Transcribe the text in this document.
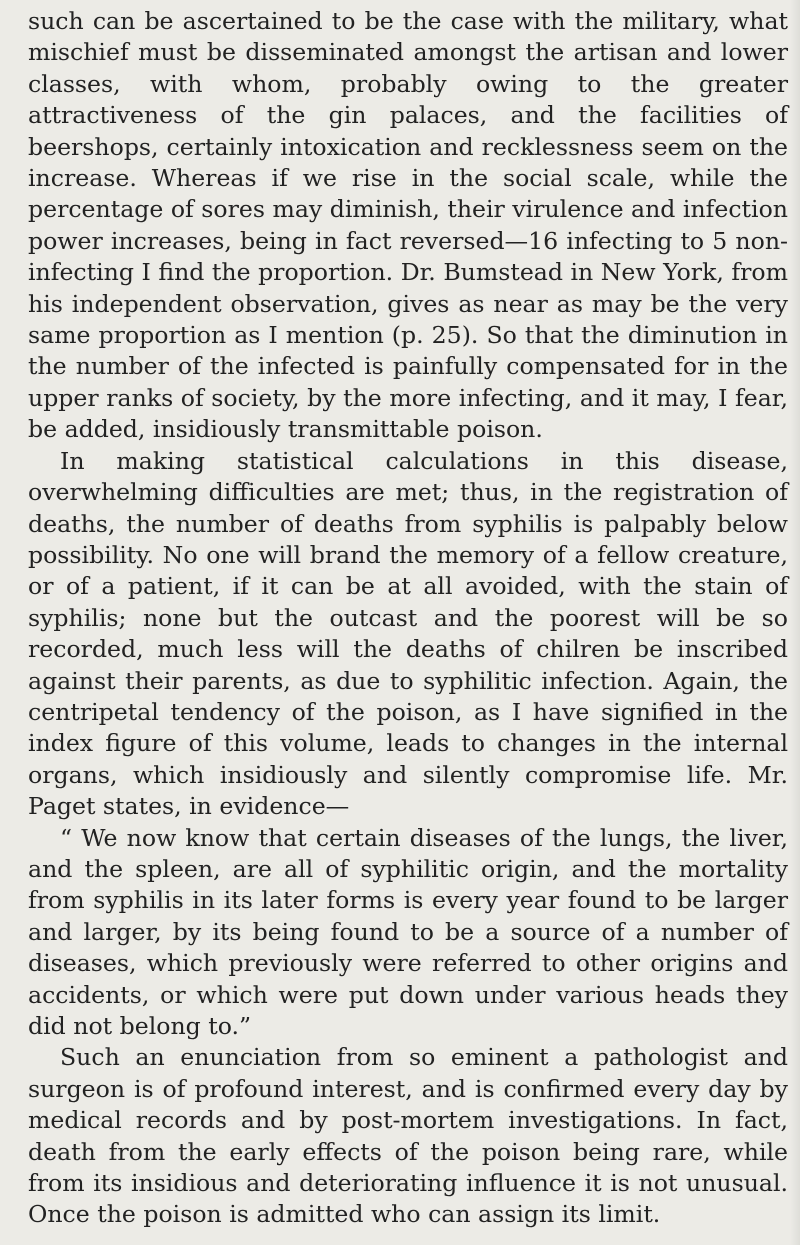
such can be ascertained to be the case with the military, what mischief must be disseminated amongst the artisan and lower classes, with whom, probably owing to the greater attractiveness of the gin palaces, and the facilities of beershops, certainly intoxication and recklessness seem on the increase. Whereas if we rise in the social scale, while the percentage of sores may diminish, their virulence and infection power increases, being in fact reversed—16 infecting to 5 non-infecting I find the proportion. Dr. Bumstead in New York, from his independent observation, gives as near as may be the very same proportion as I mention (p. 25). So that the diminution in the number of the infected is painfully compensated for in the upper ranks of society, by the more infecting, and it may, I fear, be added, insidiously transmittable poison.

In making statistical calculations in this disease, overwhelming difficulties are met; thus, in the registration of deaths, the number of deaths from syphilis is palpably below possibility. No one will brand the memory of a fellow creature, or of a patient, if it can be at all avoided, with the stain of syphilis; none but the outcast and the poorest will be so recorded, much less will the deaths of chilren be inscribed against their parents, as due to syphilitic infection. Again, the centripetal tendency of the poison, as I have signified in the index figure of this volume, leads to changes in the internal organs, which insidiously and silently compromise life. Mr. Paget states, in evidence—

“ We now know that certain diseases of the lungs, the liver, and the spleen, are all of syphilitic origin, and the mortality from syphilis in its later forms is every year found to be larger and larger, by its being found to be a source of a number of diseases, which previously were referred to other origins and accidents, or which were put down under various heads they did not belong to.”

Such an enunciation from so eminent a pathologist and surgeon is of profound interest, and is confirmed every day by medical records and by post-mortem investigations. In fact, death from the early effects of the poison being rare, while from its insidious and deteriorating influence it is not unusual. Once the poison is admitted who can assign its limit.
